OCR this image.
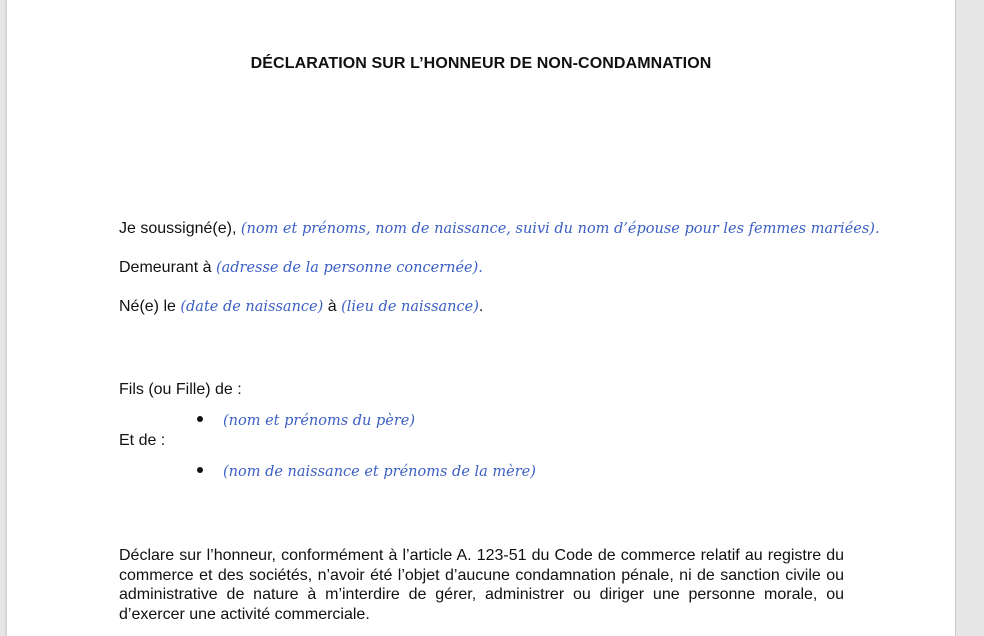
DÉCLARATION SUR L’HONNEUR DE NON-CONDAMNATION
Je soussigné(e), (nom et prénoms, nom de naissance, suivi du nom d’épouse pour les femmes mariées).
Demeurant à (adresse de la personne concernée).
Né(e) le (date de naissance) à (lieu de naissance).
Fils (ou Fille) de :
(nom et prénoms du père)
Et de :
(nom de naissance et prénoms de la mère)
Déclare sur l’honneur, conformément à l’article A. 123-51 du Code de commerce relatif au registre du commerce et des sociétés, n’avoir été l’objet d’aucune condamnation pénale, ni de sanction civile ou administrative de nature à m’interdire de gérer, administrer ou diriger une personne morale, ou d’exercer une activité commerciale.
